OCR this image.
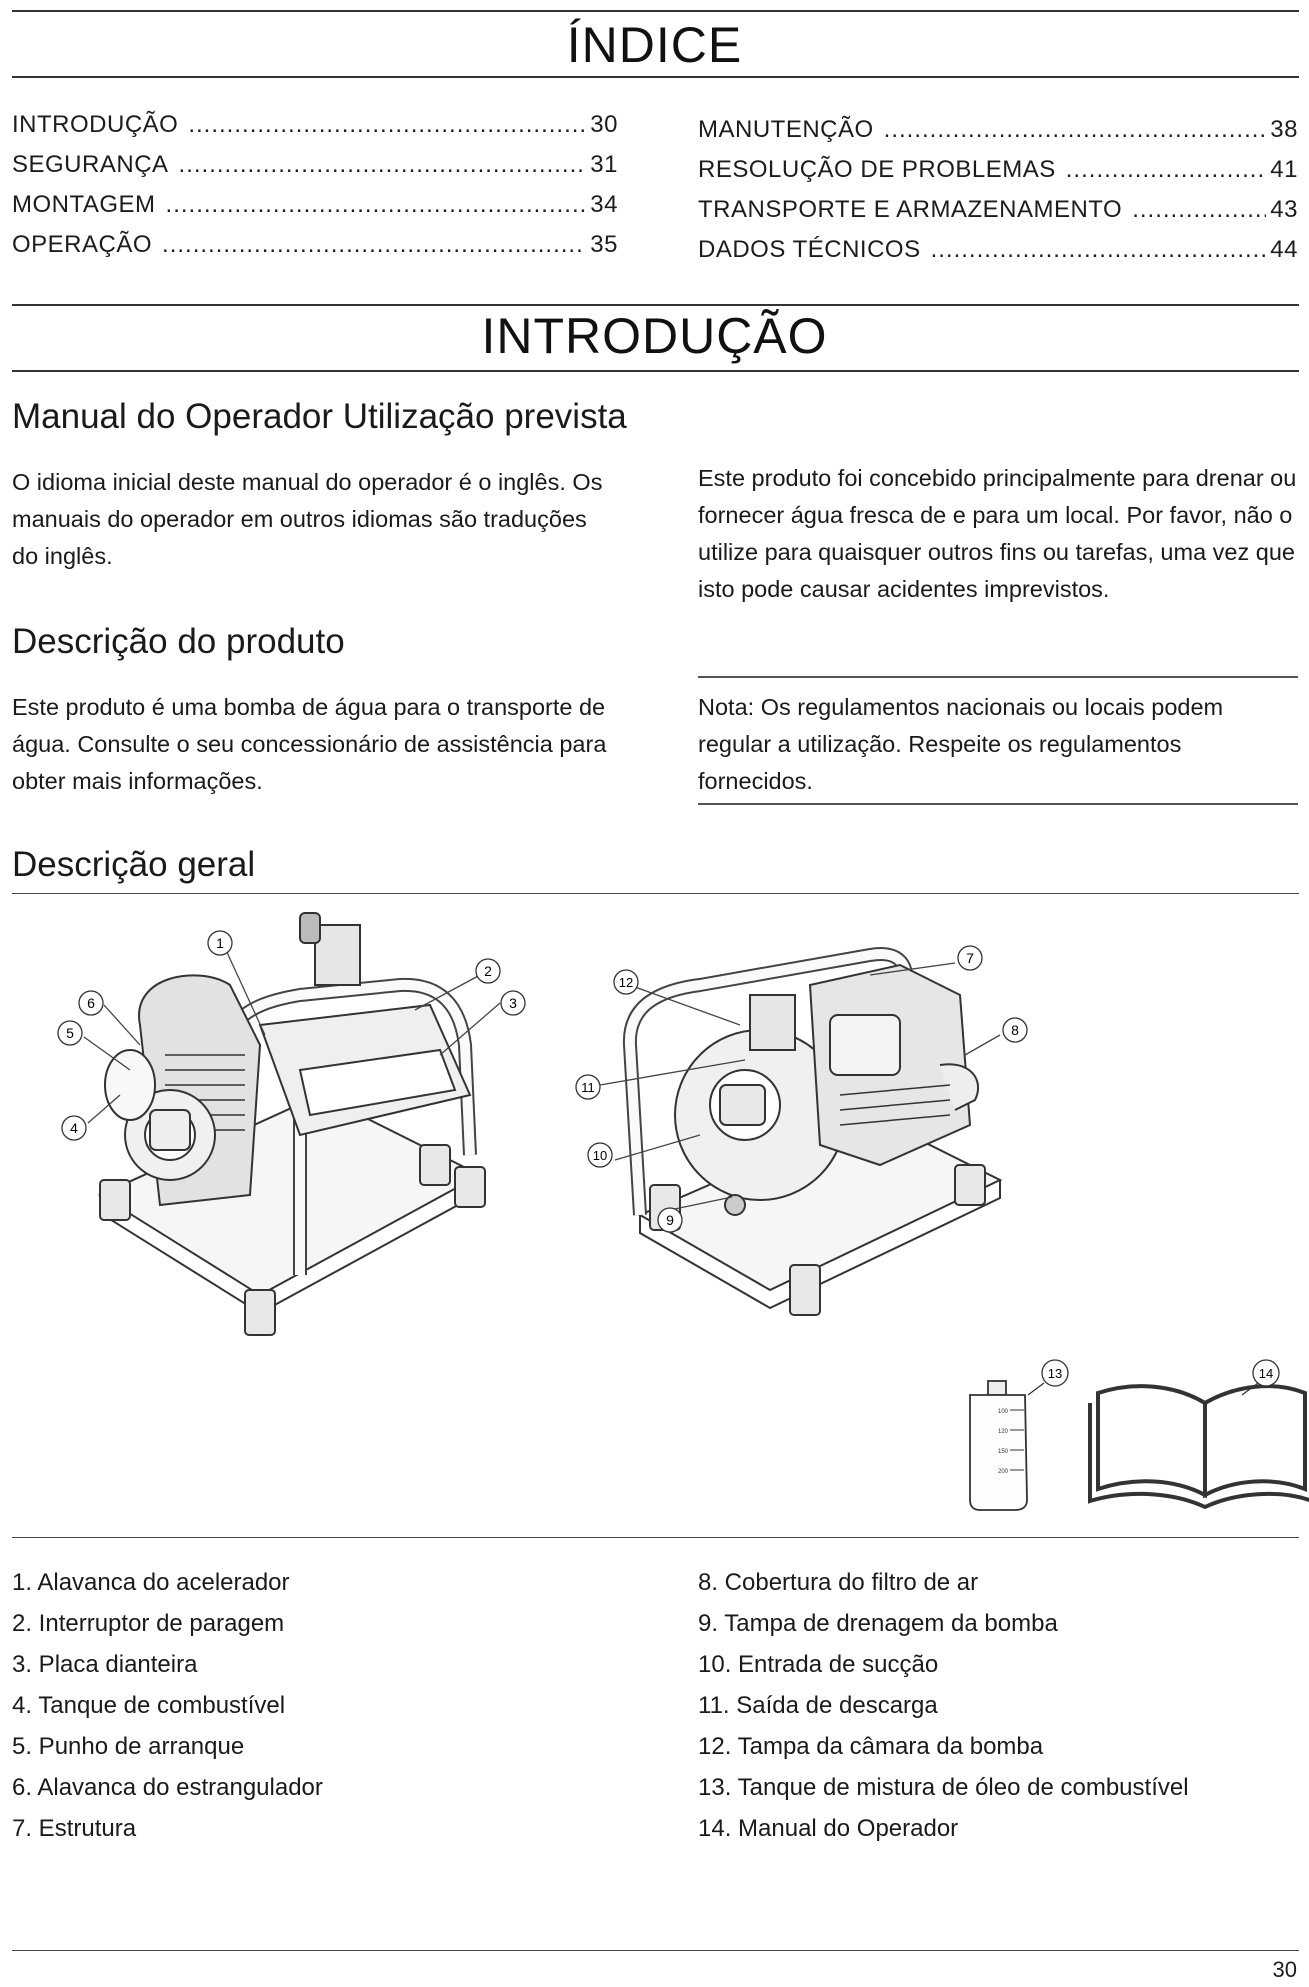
ÍNDICE
INTRODUÇÃO .....	30
SEGURANÇA .....	31
MONTAGEM .....	34
OPERAÇÃO .....	35
MANUTENÇÃO .....	38
RESOLUÇÃO DE PROBLEMAS .....	41
TRANSPORTE E ARMAZENAMENTO .....	43
DADOS TÉCNICOS .....	44
INTRODUÇÃO
Manual do Operador Utilização prevista

O idioma inicial deste manual do operador é o inglês. Os manuais do operador em outros idiomas são traduções do inglês.

Este produto foi concebido principalmente para drenar ou fornecer água fresca de e para um local. Por favor, não o utilize para quaisquer outros fins ou tarefas, uma vez que isto pode causar acidentes imprevistos.

Descrição do produto

Este produto é uma bomba de água para o transporte de água. Consulte o seu concessionário de assistência para obter mais informações.

Nota: Os regulamentos nacionais ou locais podem regular a utilização. Respeite os regulamentos fornecidos.

Descrição geral
1
2
3
4
5
6
7
8
9
10
11
12
13	14
100
120
150
200
1. Alavanca do acelerador
2. Interruptor de paragem
3. Placa dianteira
4. Tanque de combustível
5. Punho de arranque
6. Alavanca do estrangulador
7. Estrutura
8. Cobertura do filtro de ar
9. Tampa de drenagem da bomba
10. Entrada de sucção
11. Saída de descarga
12. Tampa da câmara da bomba
13. Tanque de mistura de óleo de combustível
14. Manual do Operador
30
